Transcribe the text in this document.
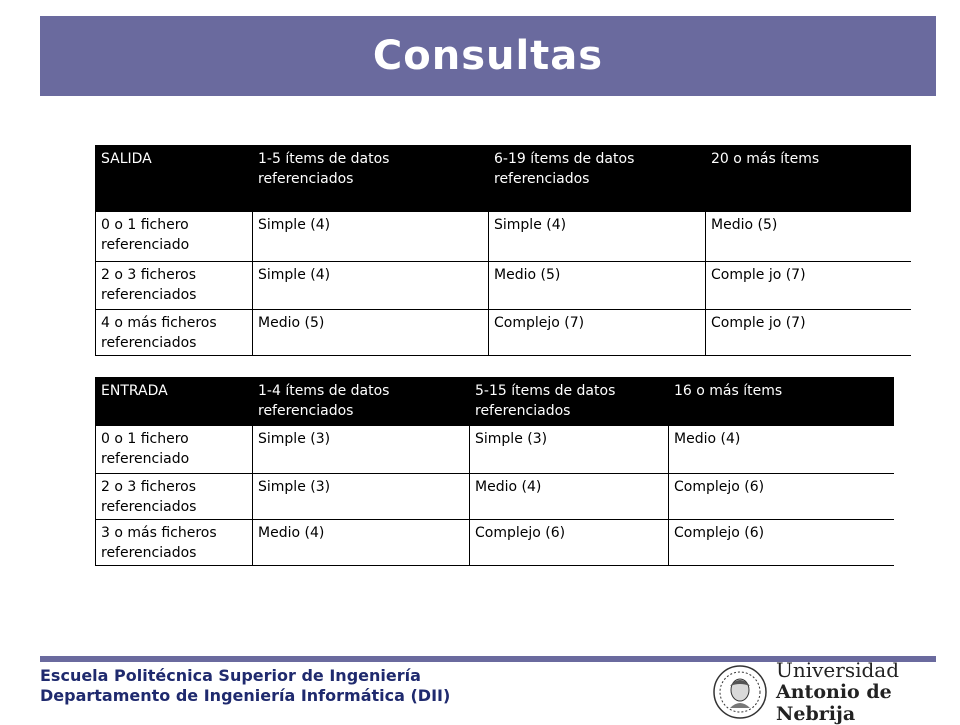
Consultas
SALIDA	1-5 ítems de datos referenciados	6-19 ítems de datos referenciados	20 o más ítems
0 o 1 fichero referenciado	Simple (4)	Simple (4)	Medio (5)
2 o 3 ficheros referenciados	Simple (4)	Medio (5)	Comple jo (7)
4 o más ficheros referenciados	Medio (5)	Complejo (7)	Comple jo (7)
ENTRADA	1-4 ítems de datos referenciados	5-15 ítems de datos referenciados	16 o más ítems
0 o 1 fichero referenciado	Simple (3)	Simple (3)	Medio (4)
2 o 3 ficheros referenciados	Simple (3)	Medio (4)	Complejo (6)
3 o más ficheros referenciados	Medio (4)	Complejo (6)	Complejo (6)
Escuela Politécnica Superior de Ingeniería
Departamento de Ingeniería Informática (DII)
Universidad
Antonio de Nebrija
